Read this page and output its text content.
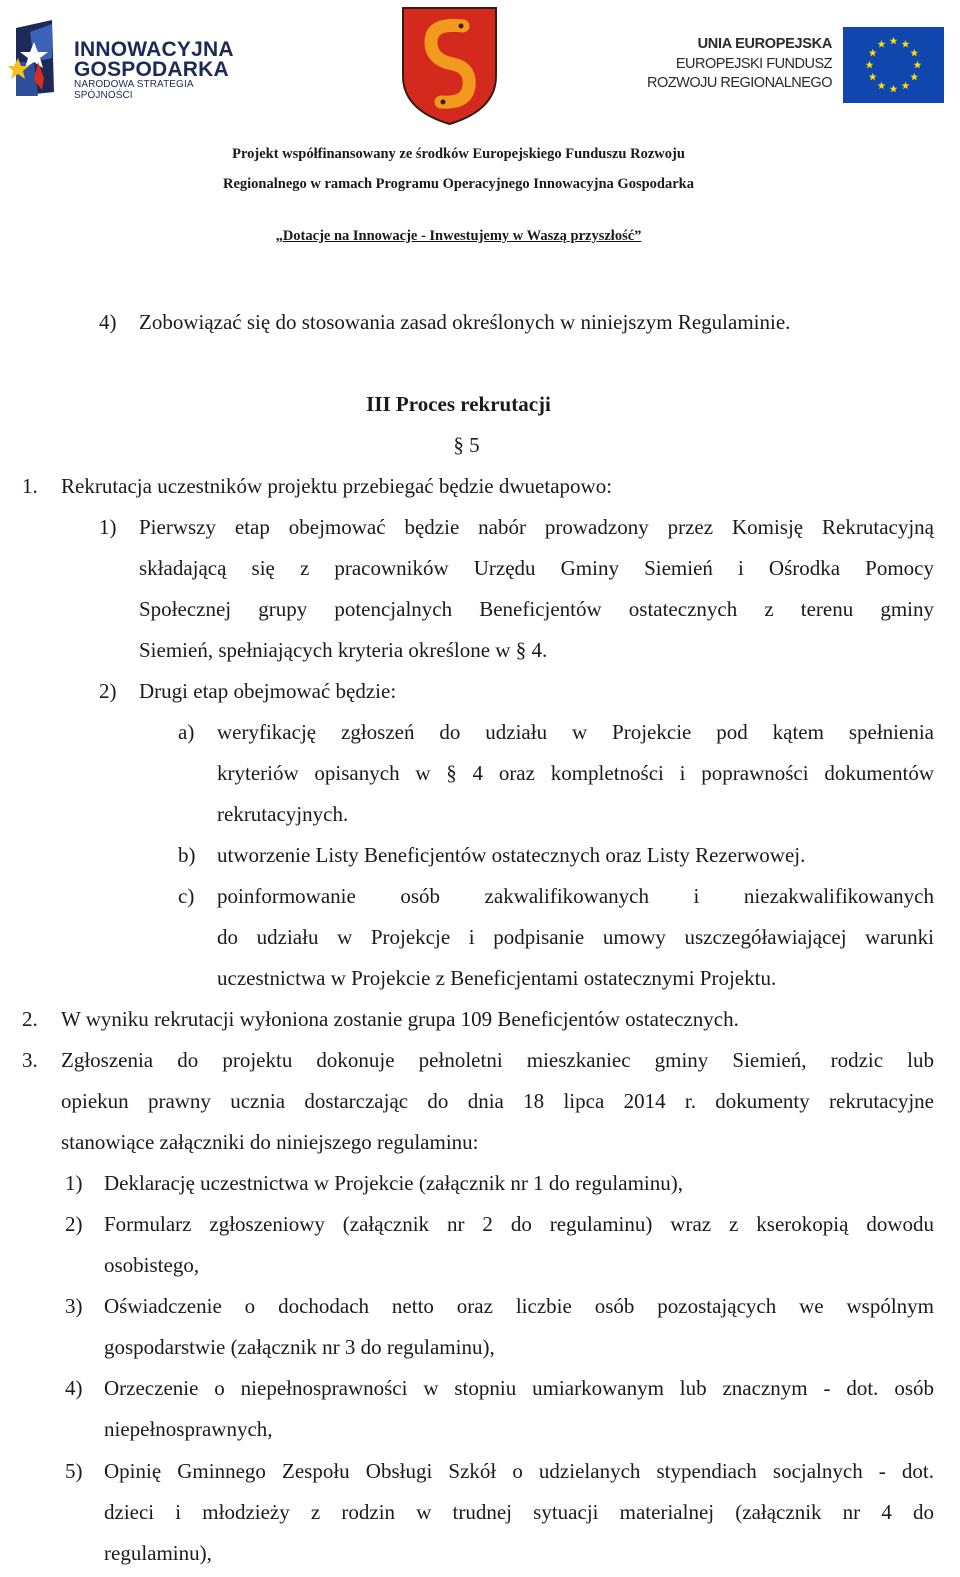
INNOWACYJNA
GOSPODARKA
NARODOWA STRATEGIA SPÓJNOŚCI
UNIA EUROPEJSKA
EUROPEJSKI FUNDUSZ
ROZWOJU REGIONALNEGO
Projekt współfinansowany ze środków Europejskiego Funduszu Rozwoju
Regionalnego w ramach Programu Operacyjnego Innowacyjna Gospodarka
„Dotacje na Innowacje - Inwestujemy w Waszą przyszłość”
4) Zobowiązać się do stosowania zasad określonych w niniejszym Regulaminie.
III Proces rekrutacji
§ 5
1. Rekrutacja uczestników projektu przebiegać będzie dwuetapowo:
1) Pierwszy etap obejmować będzie nabór prowadzony przez Komisję Rekrutacyjną
składającą się z pracowników Urzędu Gminy Siemień i Ośrodka Pomocy
Społecznej grupy potencjalnych Beneficjentów ostatecznych z terenu gminy
Siemień, spełniających kryteria określone w § 4.
2) Drugi etap obejmować będzie:
a) weryfikację zgłoszeń do udziału w Projekcie pod kątem spełnienia
kryteriów opisanych w § 4 oraz kompletności i poprawności dokumentów
rekrutacyjnych.
b) utworzenie Listy Beneficjentów ostatecznych oraz Listy Rezerwowej.
c) poinformowanie osób zakwalifikowanych i niezakwalifikowanych
do udziału w Projekcje i podpisanie umowy uszczegóławiającej warunki
uczestnictwa w Projekcie z Beneficjentami ostatecznymi Projektu.
2. W wyniku rekrutacji wyłoniona zostanie grupa 109 Beneficjentów ostatecznych.
3. Zgłoszenia do projektu dokonuje pełnoletni mieszkaniec gminy Siemień, rodzic lub
opiekun prawny ucznia dostarczając do dnia 18 lipca 2014 r. dokumenty rekrutacyjne
stanowiące załączniki do niniejszego regulaminu:
1) Deklarację uczestnictwa w Projekcie (załącznik nr 1 do regulaminu),
2) Formularz zgłoszeniowy (załącznik nr 2 do regulaminu) wraz z kserokopią dowodu
osobistego,
3) Oświadczenie o dochodach netto oraz liczbie osób pozostających we wspólnym
gospodarstwie (załącznik nr 3 do regulaminu),
4) Orzeczenie o niepełnosprawności w stopniu umiarkowanym lub znacznym - dot. osób
niepełnosprawnych,
5) Opinię Gminnego Zespołu Obsługi Szkół o udzielanych stypendiach socjalnych - dot.
dzieci i młodzieży z rodzin w trudnej sytuacji materialnej (załącznik nr 4 do
regulaminu),
